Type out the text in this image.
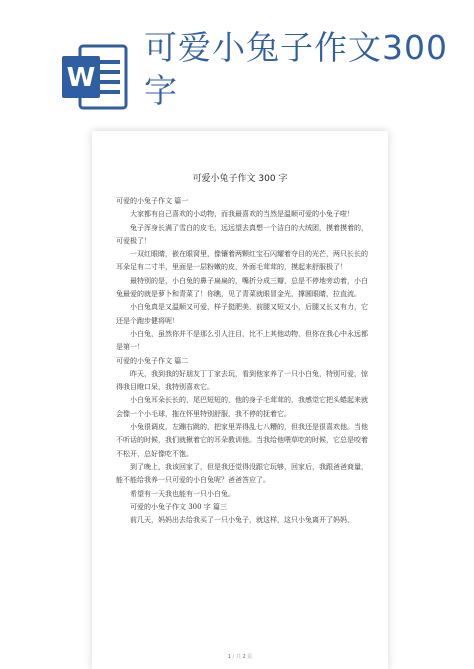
W
可爱小兔子作文300字
可爱小兔子作文 300 字

可爱的小兔子作文 篇一

大家都有自己喜欢的小动物，而我最喜欢的当然是温顺可爱的小兔子啦！

兔子浑身长满了雪白的皮毛，远远望去真想一个洁白的大绒团，摸着摸着的，可爱极了！

一双红眼睛，嵌在眼窝里，像镶着两颗红宝石闪耀着夺目的光芒，两只长长的耳朵足有二寸半，里面是一层粉嫩的皮，外面毛茸茸的，摸起来舒服极了！

最特别的是，小白兔的鼻子扁扁的，嘴折分成三瓣，总是不停地旁动着，小白兔最爱的就是萝卜和青菜了！你瞧，见了青菜就眼冒金光，撑圆眼睛，拉直流。

小白兔真是又温顺又可爱，样子挺肥美，前腿又短又小，后腿又长又有力，它还是个跑步健将呢！

小白兔，虽然你并不是那么引人注目，比不上其他动物，但你在我心中永远都是第一！

可爱的小兔子作文 篇二

昨天，我到我的好朋友丁丁家去玩，看到他家养了一只小白兔，特别可爱，惊得我目瞪口呆，我特别喜欢它。

小白兔耳朵长长的，尾巴短短的，他的身子毛茸茸的，我感觉它把头蜷起来就会像一个小毛球，拖在怀里特别舒服，我不停的抚着它。

小兔很调皮，左蹦右跳的，把家里弄得乱七八糟的，但我还是很喜欢他。当他不听话的时候，我们就揪着它的耳朵教训他。当我给他喂草吃的时候，它总是咬着不松开，总好像吃不饱。

到了晚上，我该回家了，但是我还觉得没跟它玩够，回家后，我跟爸爸商量，能不能给我养一只可爱的小白兔呢？爸爸答应了。

希望有一天我也能有一只小白兔。

可爱的小兔子作文 300 字 篇三

前几天，妈妈出去给我买了一只小兔子，就这样，这只小兔离开了妈妈，

1 / 共 2 页
